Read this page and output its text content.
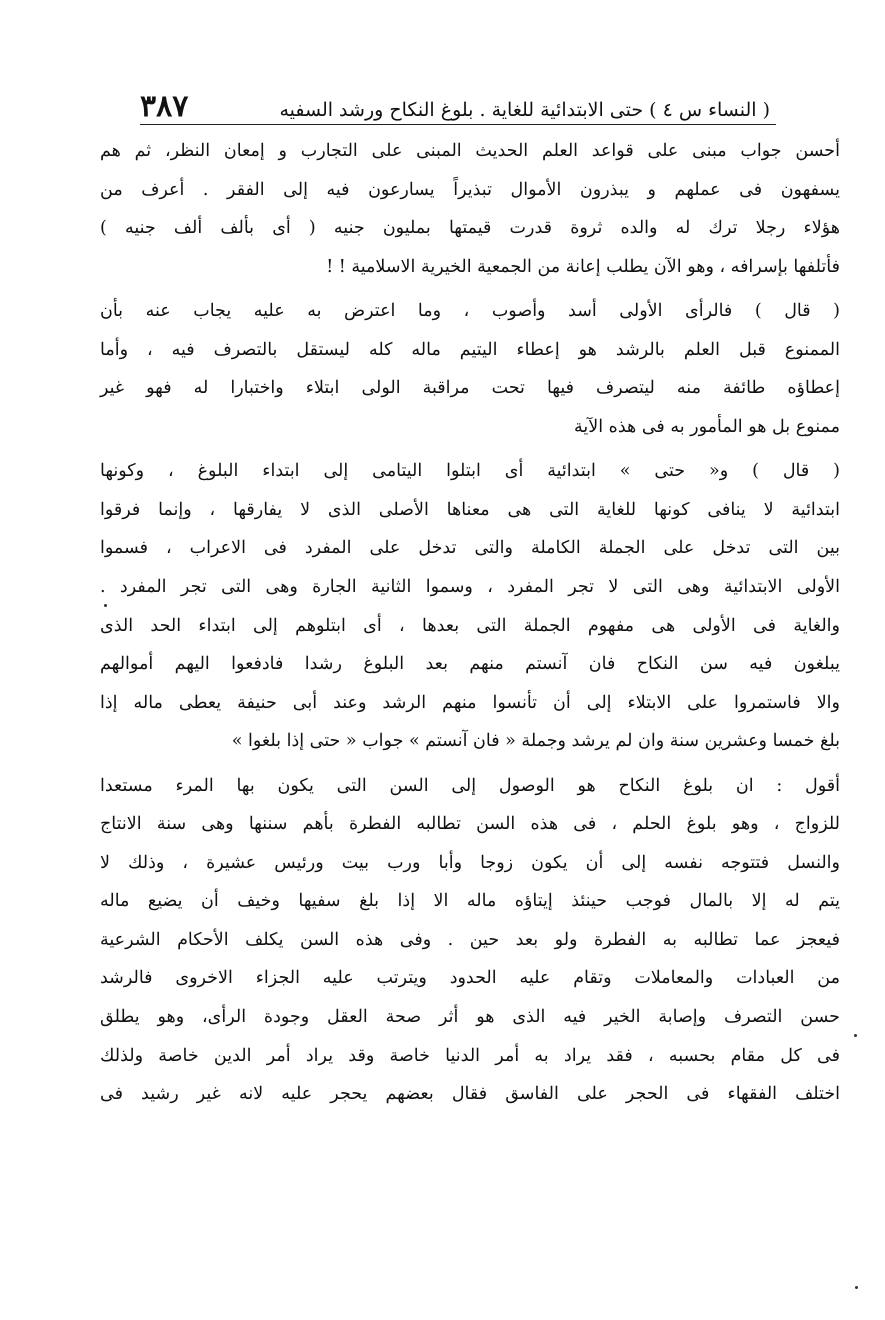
( النساء س ٤ ) حتى الابتدائية للغاية . بلوغ النكاح ورشد السفيه
٣٨٧
أحسن جواب مبنى على قواعد العلم الحديث المبنى على التجارب و إمعان النظر، ثم هم
يسفهون فى عملهم و يبذرون الأموال تبذيراً يسارعون فيه إلى الفقر . أعرف من
هؤلاء رجلا ترك له والده ثروة قدرت قيمتها بمليون جنيه ( أى بألف ألف جنيه )
فأتلفها بإسرافه ، وهو الآن يطلب إعانة من الجمعية الخيرية الاسلامية ! !
( قال ) فالرأى الأولى أسد وأصوب ، وما اعترض به عليه يجاب عنه بأن
الممنوع قبل العلم بالرشد هو إعطاء اليتيم ماله كله ليستقل بالتصرف فيه ، وأما
إعطاؤه طائفة منه ليتصرف فيها تحت مراقبة الولى ابتلاء واختبارا له فهو غير
ممنوع بل هو المأمور به فى هذه الآية
( قال ) و« حتى » ابتدائية أى ابتلوا اليتامى إلى ابتداء البلوغ ، وكونها
ابتدائية لا ينافى كونها للغاية التى هى معناها الأصلى الذى لا يفارقها ، وإنما فرقوا
بين التى تدخل على الجملة الكاملة والتى تدخل على المفرد فى الاعراب ، فسموا
الأولى الابتدائية وهى التى لا تجر المفرد ، وسموا الثانية الجارة وهى التى تجر المفرد .
والغاية فى الأولى هى مفهوم الجملة التى بعدها ، أى ابتلوهم إلى ابتداء الحد الذى
يبلغون فيه سن النكاح فان آنستم منهم بعد البلوغ رشدا فادفعوا اليهم أموالهم
والا فاستمروا على الابتلاء إلى أن تأنسوا منهم الرشد وعند أبى حنيفة يعطى ماله إذا
بلغ خمسا وعشرين سنة وان لم يرشد وجملة « فان آنستم » جواب « حتى إذا بلغوا »
أقول : ان بلوغ النكاح هو الوصول إلى السن التى يكون بها المرء مستعدا
للزواج ، وهو بلوغ الحلم ، فى هذه السن تطالبه الفطرة بأهم سننها وهى سنة الانتاج
والنسل فتتوجه نفسه إلى أن يكون زوجا وأبا ورب بيت ورئيس عشيرة ، وذلك لا
يتم له إلا بالمال فوجب حينئذ إيتاؤه ماله الا إذا بلغ سفيها وخيف أن يضيع ماله
فيعجز عما تطالبه به الفطرة ولو بعد حين . وفى هذه السن يكلف الأحكام الشرعية
من العبادات والمعاملات وتقام عليه الحدود ويترتب عليه الجزاء الاخروى فالرشد
حسن التصرف وإصابة الخير فيه الذى هو أثر صحة العقل وجودة الرأى، وهو يطلق
فى كل مقام بحسبه ، فقد يراد به أمر الدنيا خاصة وقد يراد أمر الدين خاصة ولذلك
اختلف الفقهاء فى الحجر على الفاسق فقال بعضهم يحجر عليه لانه غير رشيد فى
